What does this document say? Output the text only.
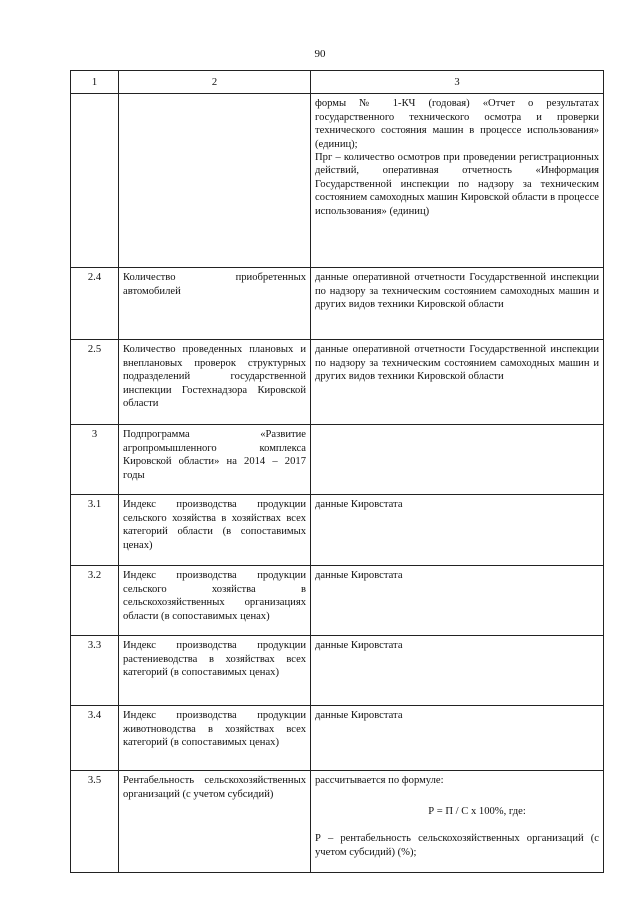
90
1	2	3

		формы № 1-КЧ (годовая) «Отчет о результатах государственного технического осмотра и проверки технического состояния машин в процессе использования» (единиц);
Прг – количество осмотров при проведении регистрационных действий, оперативная отчетность «Информация Государственной инспекции по надзору за техническим состоянием самоходных машин Кировской области в процессе использования» (единиц)

2.4	Количество приобретенных автомобилей	данные оперативной отчетности Государственной инспекции по надзору за техническим состоянием самоходных машин и других видов техники Кировской области

2.5	Количество проведенных плановых и внеплановых проверок структурных подразделений государственной инспекции Гостехнадзора Кировской области	данные оперативной отчетности Государственной инспекции по надзору за техническим состоянием самоходных машин и других видов техники Кировской области

3	Подпрограмма «Развитие агропромышленного комплекса Кировской области» на 2014 – 2017 годы	
3.1	Индекс производства продукции сельского хозяйства в хозяйствах всех категорий области (в сопоставимых ценах)	данные Кировстата

3.2	Индекс производства продукции сельского хозяйства в сельскохозяйственных организациях области (в сопоставимых ценах)	данные Кировстата

3.3	Индекс производства продукции растениеводства в хозяйствах всех категорий (в сопоставимых ценах)	данные Кировстата

3.4	Индекс производства продукции животноводства в хозяйствах всех категорий (в сопоставимых ценах)	данные Кировстата

3.5	Рентабельность сельскохозяйственных организаций (с учетом субсидий)	рассчитывается по формуле:
Р = П / С х 100%, где:
Р – рентабельность сельскохозяйственных организаций (с учетом субсидий) (%);
